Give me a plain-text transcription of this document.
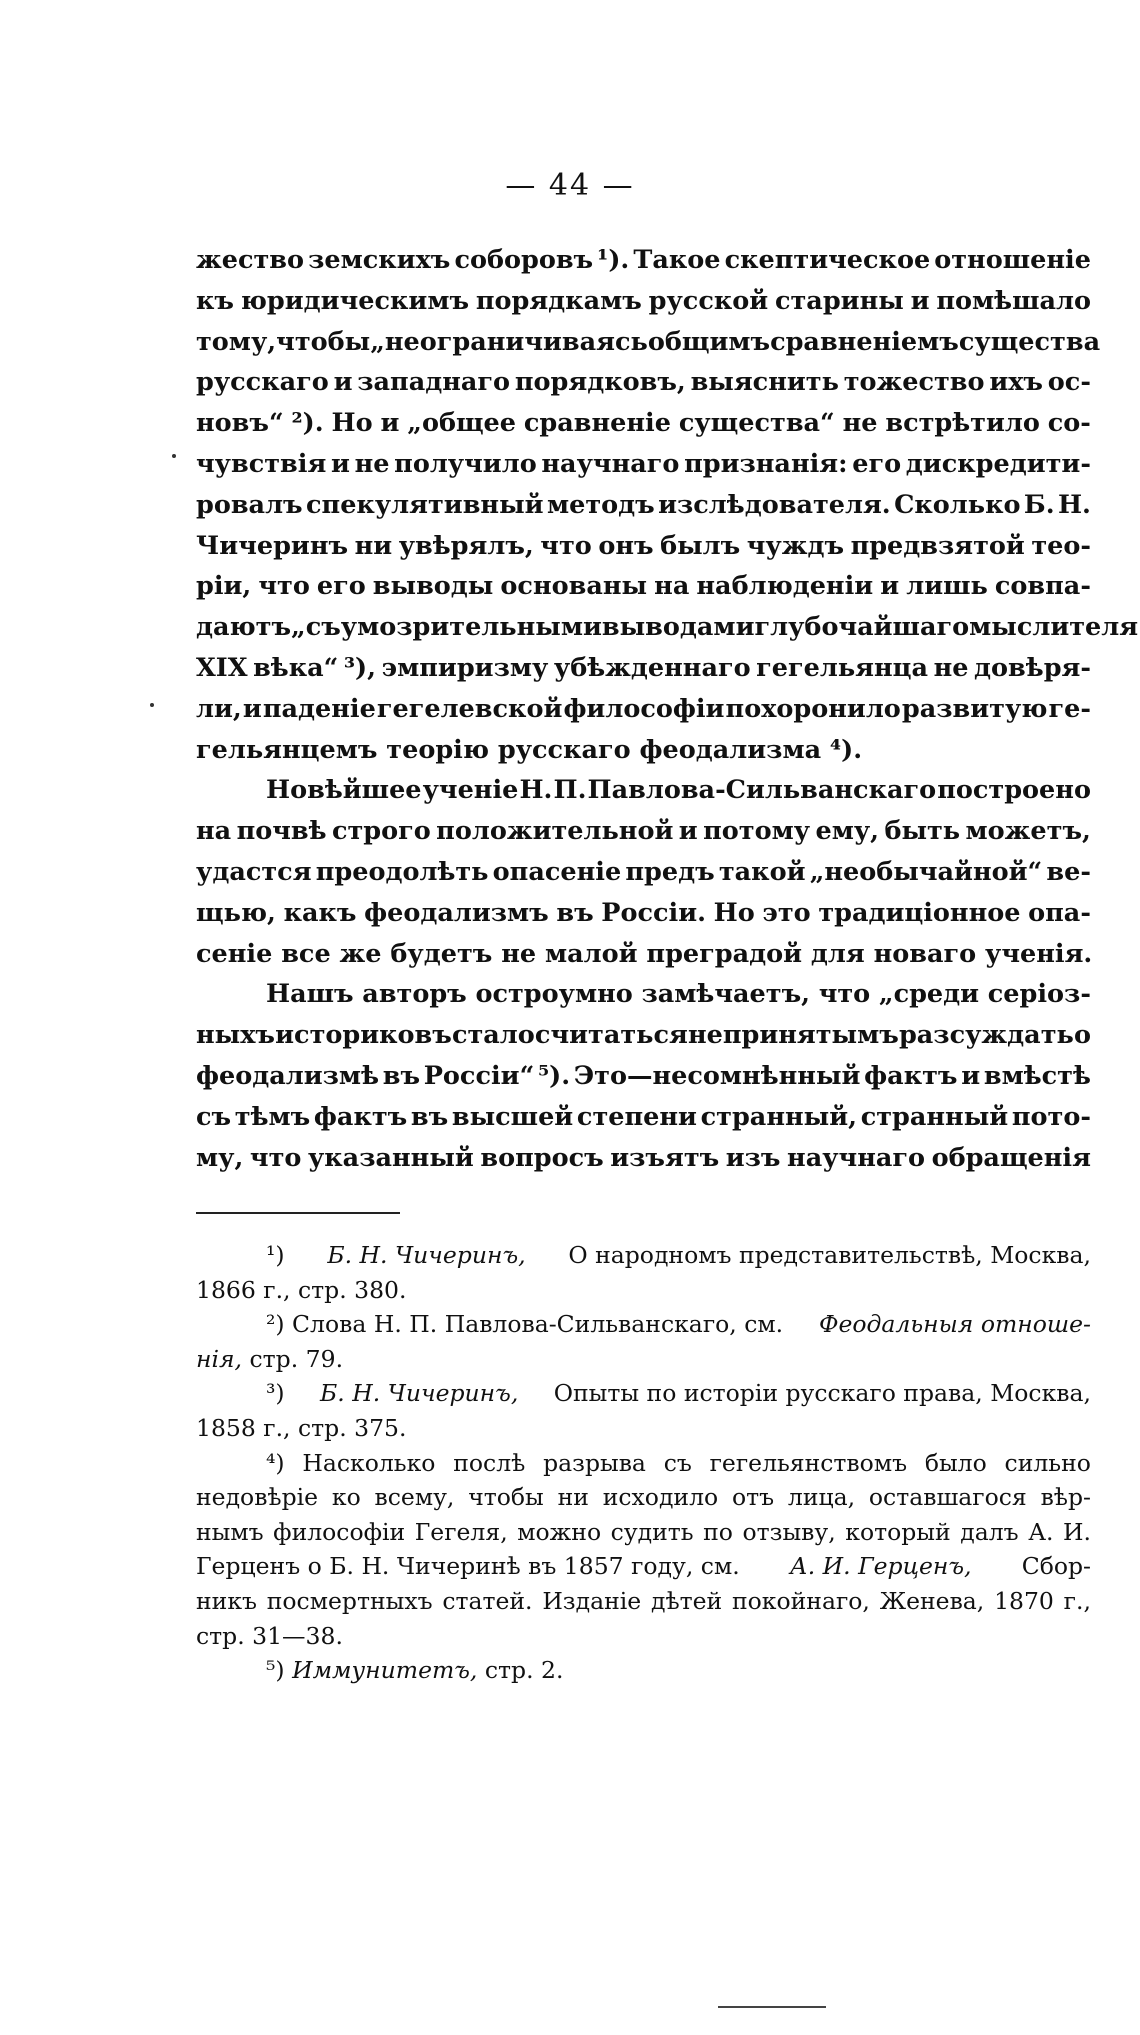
— 44 —
жество земскихъ соборовъ ¹). Такое скептическое отношеніе
къ юридическимъ порядкамъ русской старины и помѣшало
тому, чтобы „не ограничиваясь общимъ сравненіемъ существа
русскаго и западнаго порядковъ, выяснить тожество ихъ ос-
новъ“ ²). Но и „общее сравненіе существа“ не встрѣтило со-
чувствія и не получило научнаго признанія: его дискредити-
ровалъ спекулятивный методъ изслѣдователя. Сколько Б. Н.
Чичеринъ ни увѣрялъ, что онъ былъ чуждъ предвзятой тео-
ріи, что его выводы основаны на наблюденіи и лишь совпа-
даютъ „съ умозрительными выводами глубочайшаго мыслителя
XIX вѣка“ ³), эмпиризму убѣжденнаго гегельянца не довѣря-
ли, и паденіе гегелевской философіи похоронило развитую ге-
гельянцемъ теорію русскаго феодализма ⁴).
Новѣйшее ученіе Н. П. Павлова-Сильванскаго построено
на почвѣ строго положительной и потому ему, быть можетъ,
удастся преодолѣть опасеніе предъ такой „необычайной“ ве-
щью, какъ феодализмъ въ Россіи. Но это традиціонное опа-
сеніе все же будетъ не малой преградой для новаго ученія.
Нашъ авторъ остроумно замѣчаетъ, что „среди серіоз-
ныхъ историковъ стало считаться непринятымъ разсуждать о
феодализмѣ въ Россіи“ ⁵). Это—несомнѣнный фактъ и вмѣстѣ
съ тѣмъ фактъ въ высшей степени странный, странный пото-
му, что указанный вопросъ изъятъ изъ научнаго обращенія
¹) Б. Н. Чичеринъ, О народномъ представительствѣ, Москва,
1866 г., стр. 380.
²) Слова Н. П. Павлова-Сильванскаго, см. Феодальныя отноше-
нія,
стр. 79.
³) Б. Н. Чичеринъ, Опыты по исторіи русскаго права, Москва,
1858 г., стр. 375.
⁴) Насколько послѣ разрыва съ гегельянствомъ было сильно
недовѣріе ко всему, чтобы ни исходило отъ лица, оставшагося вѣр-
нымъ философіи Гегеля, можно судить по отзыву, который далъ А. И.
Герценъ о Б. Н. Чичеринѣ въ 1857 году, см. А. И. Герценъ, Сбор-
никъ посмертныхъ статей. Изданіе дѣтей покойнаго, Женева, 1870 г.,
стр. 31—38.
⁵)
Иммунитетъ,
стр. 2.
